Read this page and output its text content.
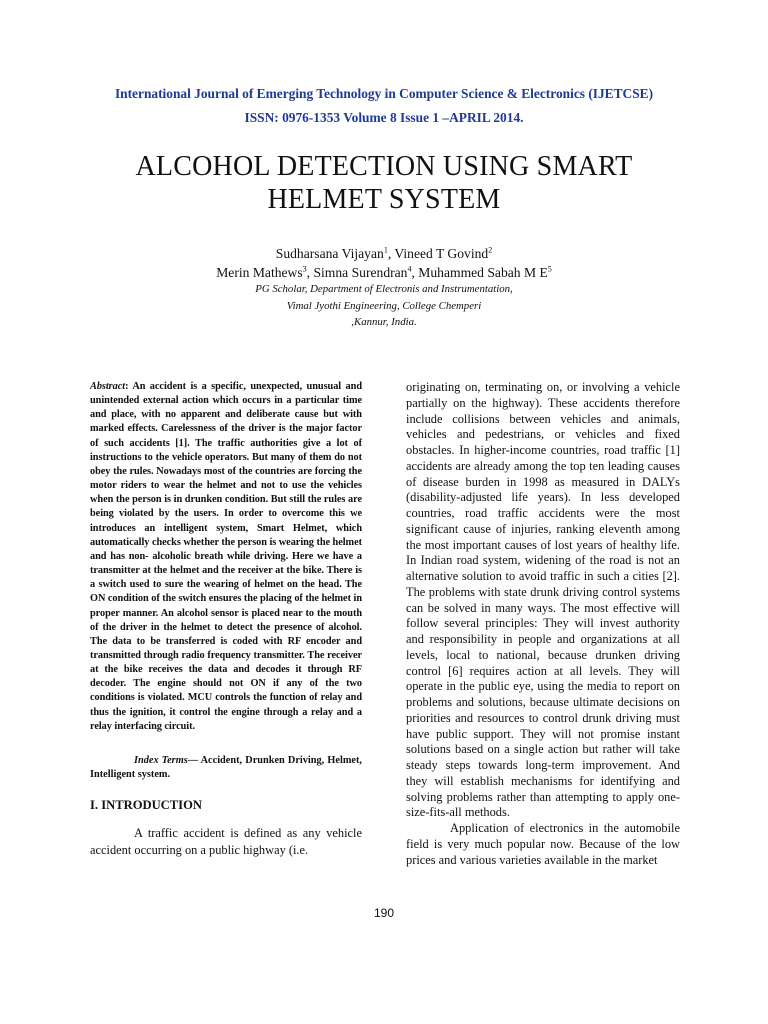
International Journal of Emerging Technology in Computer Science & Electronics (IJETCSE)
ISSN: 0976-1353 Volume 8 Issue 1 –APRIL 2014.
ALCOHOL DETECTION USING SMART
HELMET SYSTEM
Sudharsana Vijayan$^1$, Vineed T Govind$^2$
Merin Mathews$^3$, Simna Surendran$^4$, Muhammed Sabah M $E^5$
PG Scholar, Department of Electronis and Instrumentation,
Vimal Jyothi Engineering, College Chemperi
,Kannur, India.

Abstract: An accident is a specific, unexpected, unusual and unintended external action which occurs in a particular time and place, with no apparent and deliberate cause but with marked effects. Carelessness of the driver is the major factor of such accidents [1]. The traffic authorities give a lot of instructions to the vehicle operators. But many of them do not obey the rules. Nowadays most of the countries are forcing the motor riders to wear the helmet and not to use the vehicles when the person is in drunken condition. But still the rules are being violated by the users. In order to overcome this we introduces an intelligent system, Smart Helmet, which automatically checks whether the person is wearing the helmet and has non- alcoholic breath while driving. Here we have a transmitter at the helmet and the receiver at the bike. There is a switch used to sure the wearing of helmet on the head. The ON condition of the switch ensures the placing of the helmet in proper manner. An alcohol sensor is placed near to the mouth of the driver in the helmet to detect the presence of alcohol. The data to be transferred is coded with RF encoder and transmitted through radio frequency transmitter. The receiver at the bike receives the data and decodes it through RF decoder. The engine should not ON if any of the two conditions is violated. MCU controls the function of relay and thus the ignition, it control the engine through a relay and a relay interfacing circuit.

Index Terms— Accident, Drunken Driving, Helmet, Intelligent system.

I. INTRODUCTION

A traffic accident is defined as any vehicle accident occurring on a public highway (i.e.

originating on, terminating on, or involving a vehicle partially on the highway). These accidents therefore include collisions between vehicles and animals, vehicles and pedestrians, or vehicles and fixed obstacles. In higher-income countries, road traffic [1] accidents are already among the top ten leading causes of disease burden in 1998 as measured in DALYs (disability-adjusted life years). In less developed countries, road traffic accidents were the most significant cause of injuries, ranking eleventh among the most important causes of lost years of healthy life. In Indian road system, widening of the road is not an alternative solution to avoid traffic in such a cities [2]. The problems with state drunk driving control systems can be solved in many ways. The most effective will follow several principles: They will invest authority and responsibility in people and organizations at all levels, local to national, because drunken driving control [6] requires action at all levels. They will operate in the public eye, using the media to report on problems and solutions, because ultimate decisions on priorities and resources to control drunk driving must have public support. They will not promise instant solutions based on a single action but rather will take steady steps towards long-term improvement. And they will establish mechanisms for identifying and solving problems rather than attempting to apply one-size-fits-all methods.

Application of electronics in the automobile field is very much popular now. Because of the low prices and various varieties available in the market

190
